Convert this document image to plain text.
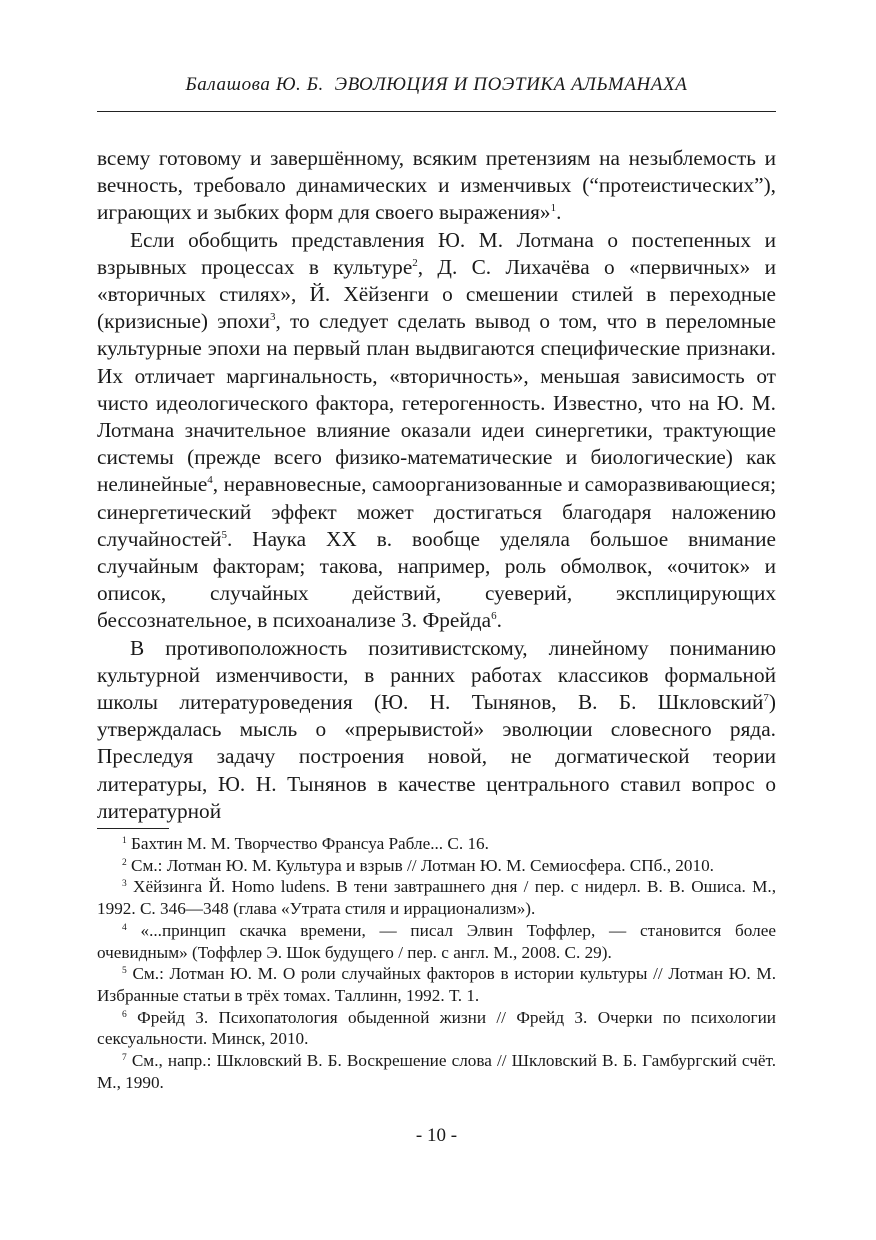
Балашова Ю. Б. ЭВОЛЮЦИЯ И ПОЭТИКА АЛЬМАНАХА

всему готовому и завершённому, всяким претензиям на незыблемость и вечность, требовало динамических и изменчивых (“протеистических”), играющих и зыбких форм для своего выражения»$^1$.

Если обобщить представления Ю. М. Лотмана о постепенных и взрывных процессах в культуре$^2$, Д. С. Лихачёва о «первичных» и «вторичных стилях», Й. Хёйзенги о смешении стилей в переходные (кризисные) эпохи$^3$, то следует сделать вывод о том, что в переломные культурные эпохи на первый план выдвигаются специфические признаки. Их отличает маргинальность, «вторичность», меньшая зависимость от чисто идеологического фактора, гетерогенность. Известно, что на Ю. М. Лотмана значительное влияние оказали идеи синергетики, трактующие системы (прежде всего физико-математические и биологические) как нелинейные$^4$, неравновесные, самоорганизованные и саморазвивающиеся; синергетический эффект может достигаться благодаря наложению случайностей$^5$. Наука XX в. вообще уделяла большое внимание случайным факторам; такова, например, роль обмолвок, «очиток» и описок, случайных действий, суеверий, эксплицирующих бессознательное, в психоанализе З. Фрейда$^6$.

В противоположность позитивистскому, линейному пониманию культурной изменчивости, в ранних работах классиков формальной школы литературоведения (Ю. Н. Тынянов, В. Б. Шкловский$^7$) утверждалась мысль о «прерывистой» эволюции словесного ряда. Преследуя задачу построения новой, не догматической теории литературы, Ю. Н. Тынянов в качестве центрального ставил вопрос о литературной

$^1$ Бахтин М. М. Творчество Франсуа Рабле... С. 16.

$^2$ См.: Лотман Ю. М. Культура и взрыв // Лотман Ю. М. Семиосфера. СПб., 2010.

$^3$ Хёйзинга Й. Homo ludens. В тени завтрашнего дня / пер. с нидерл. В. В. Ошиса. М., 1992. С. 346—348 (глава «Утрата стиля и иррационализм»).

$^4$ «...принцип скачка времени, — писал Элвин Тоффлер, — становится более очевидным» (Тоффлер Э. Шок будущего / пер. с англ. М., 2008. С. 29).

$^5$ См.: Лотман Ю. М. О роли случайных факторов в истории культуры // Лотман Ю. М. Избранные статьи в трёх томах. Таллинн, 1992. Т. 1.

$^6$ Фрейд З. Психопатология обыденной жизни // Фрейд З. Очерки по психологии сексуальности. Минск, 2010.

$^7$ См., напр.: Шкловский В. Б. Воскрешение слова // Шкловский В. Б. Гамбургский счёт. М., 1990.

- 10 -
